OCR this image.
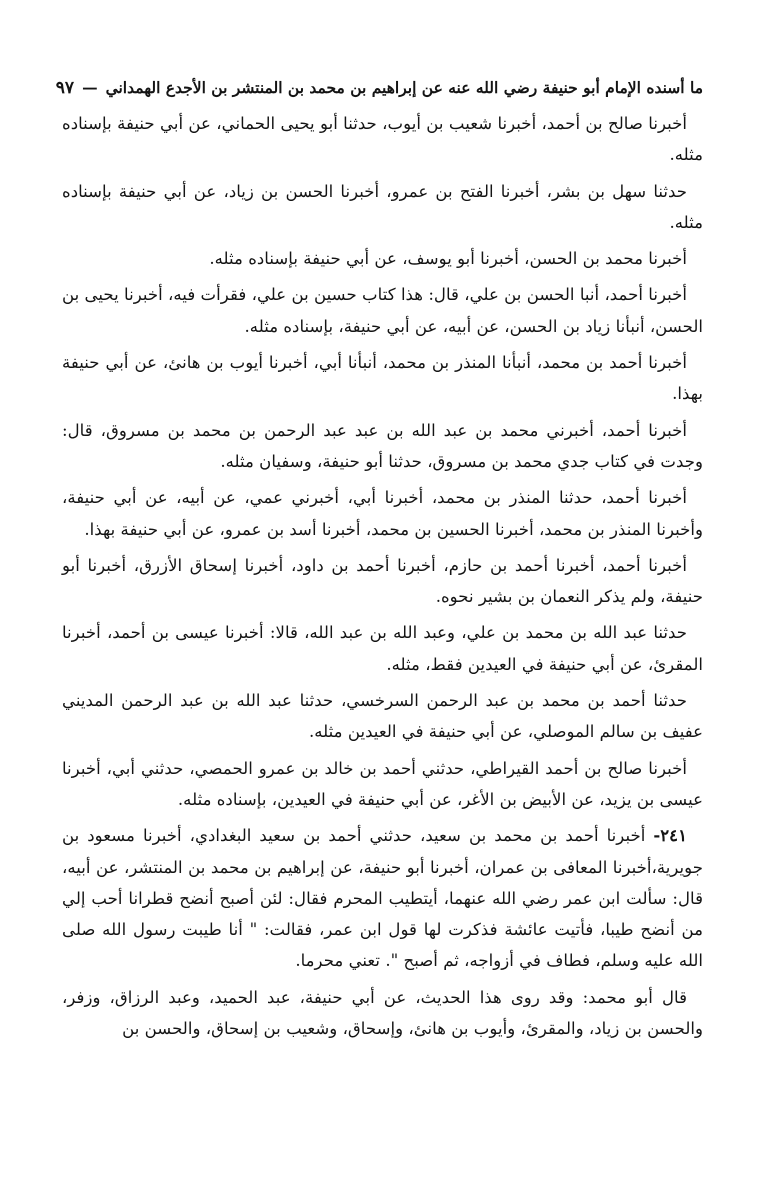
ما أسنده الإمام أبو حنيفة رضي الله عنه عن إبراهيم بن محمد بن المنتشر بن الأجدع الهمداني
—
٩٧

أخبرنا صالح بن أحمد، أخبرنا شعيب بن أيوب، حدثنا أبو يحيى الحماني، عن أبي حنيفة بإسناده مثله.

حدثنا سهل بن بشر، أخبرنا الفتح بن عمرو، أخبرنا الحسن بن زياد، عن أبي حنيفة بإسناده مثله.

أخبرنا محمد بن الحسن، أخبرنا أبو يوسف، عن أبي حنيفة بإسناده مثله.

أخبرنا أحمد، أنبا الحسن بن علي، قال: هذا كتاب حسين بن علي، فقرأت فيه، أخبرنا يحيى بن الحسن، أنبأنا زياد بن الحسن، عن أبيه، عن أبي حنيفة، بإسناده مثله.

أخبرنا أحمد بن محمد، أنبأنا المنذر بن محمد، أنبأنا أبي، أخبرنا أيوب بن هانئ، عن أبي حنيفة بهذا.

أخبرنا أحمد، أخبرني محمد بن عبد الله بن عبد عبد الرحمن بن محمد بن مسروق، قال: وجدت في كتاب جدي محمد بن مسروق، حدثنا أبو حنيفة، وسفيان مثله.

أخبرنا أحمد، حدثنا المنذر بن محمد، أخبرنا أبي، أخبرني عمي، عن أبيه، عن أبي حنيفة، وأخبرنا المنذر بن محمد، أخبرنا الحسين بن محمد، أخبرنا أسد بن عمرو، عن أبي حنيفة بهذا.

أخبرنا أحمد، أخبرنا أحمد بن حازم، أخبرنا أحمد بن داود، أخبرنا إسحاق الأزرق، أخبرنا أبو حنيفة، ولم يذكر النعمان بن بشير نحوه.

حدثنا عبد الله بن محمد بن علي، وعبد الله بن عبد الله، قالا: أخبرنا عيسى بن أحمد، أخبرنا المقرئ، عن أبي حنيفة في العيدين فقط، مثله.

حدثنا أحمد بن محمد بن عبد الرحمن السرخسي، حدثنا عبد الله بن عبد الرحمن المديني عفيف بن سالم الموصلي، عن أبي حنيفة في العيدين مثله.

أخبرنا صالح بن أحمد القيراطي، حدثني أحمد بن خالد بن عمرو الحمصي، حدثني أبي، أخبرنا عيسى بن يزيد، عن الأبيض بن الأغر، عن أبي حنيفة في العيدين، بإسناده مثله.

٢٤١- أخبرنا أحمد بن محمد بن سعيد، حدثني أحمد بن سعيد البغدادي، أخبرنا مسعود بن جويرية،أخبرنا المعافى بن عمران، أخبرنا أبو حنيفة، عن إبراهيم بن محمد بن المنتشر، عن أبيه، قال: سألت ابن عمر رضي الله عنهما، أيتطيب المحرم فقال: لئن أصبح أنضح قطرانا أحب إلي من أنضح طيبا، فأتيت عائشة فذكرت لها قول ابن عمر، فقالت: " أنا طيبت رسول الله صلى الله عليه وسلم، فطاف في أزواجه، ثم أصبح ". تعني محرما.

قال أبو محمد: وقد روى هذا الحديث، عن أبي حنيفة، عبد الحميد، وعبد الرزاق، وزفر، والحسن بن زياد، والمقرئ، وأيوب بن هانئ، وإسحاق، وشعيب بن إسحاق، والحسن بن
